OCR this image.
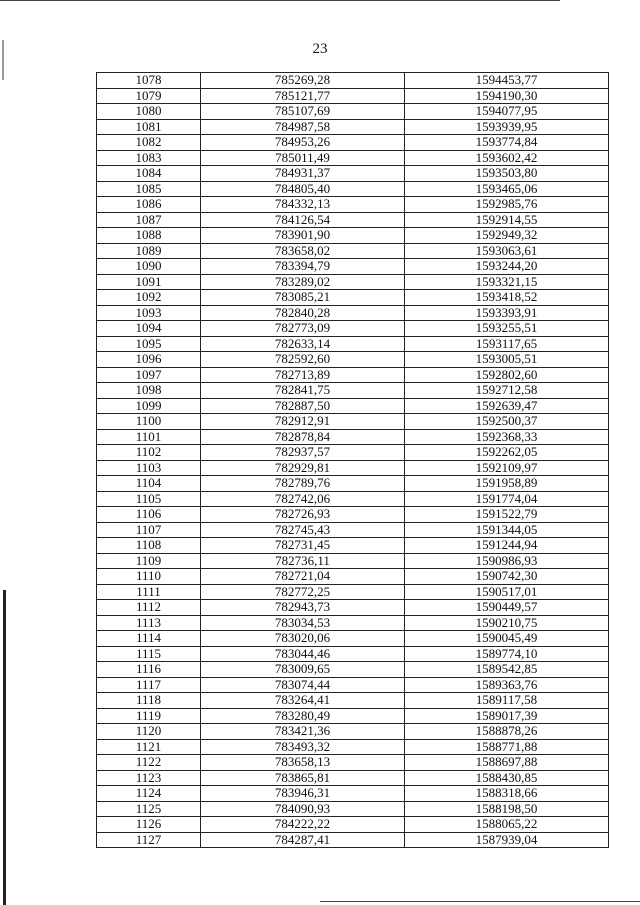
23
1078	785269,28	1594453,77
1079	785121,77	1594190,30
1080	785107,69	1594077,95
1081	784987,58	1593939,95
1082	784953,26	1593774,84
1083	785011,49	1593602,42
1084	784931,37	1593503,80
1085	784805,40	1593465,06
1086	784332,13	1592985,76
1087	784126,54	1592914,55
1088	783901,90	1592949,32
1089	783658,02	1593063,61
1090	783394,79	1593244,20
1091	783289,02	1593321,15
1092	783085,21	1593418,52
1093	782840,28	1593393,91
1094	782773,09	1593255,51
1095	782633,14	1593117,65
1096	782592,60	1593005,51
1097	782713,89	1592802,60
1098	782841,75	1592712,58
1099	782887,50	1592639,47
1100	782912,91	1592500,37
1101	782878,84	1592368,33
1102	782937,57	1592262,05
1103	782929,81	1592109,97
1104	782789,76	1591958,89
1105	782742,06	1591774,04
1106	782726,93	1591522,79
1107	782745,43	1591344,05
1108	782731,45	1591244,94
1109	782736,11	1590986,93
1110	782721,04	1590742,30
1111	782772,25	1590517,01
1112	782943,73	1590449,57
1113	783034,53	1590210,75
1114	783020,06	1590045,49
1115	783044,46	1589774,10
1116	783009,65	1589542,85
1117	783074,44	1589363,76
1118	783264,41	1589117,58
1119	783280,49	1589017,39
1120	783421,36	1588878,26
1121	783493,32	1588771,88
1122	783658,13	1588697,88
1123	783865,81	1588430,85
1124	783946,31	1588318,66
1125	784090,93	1588198,50
1126	784222,22	1588065,22
1127	784287,41	1587939,04
